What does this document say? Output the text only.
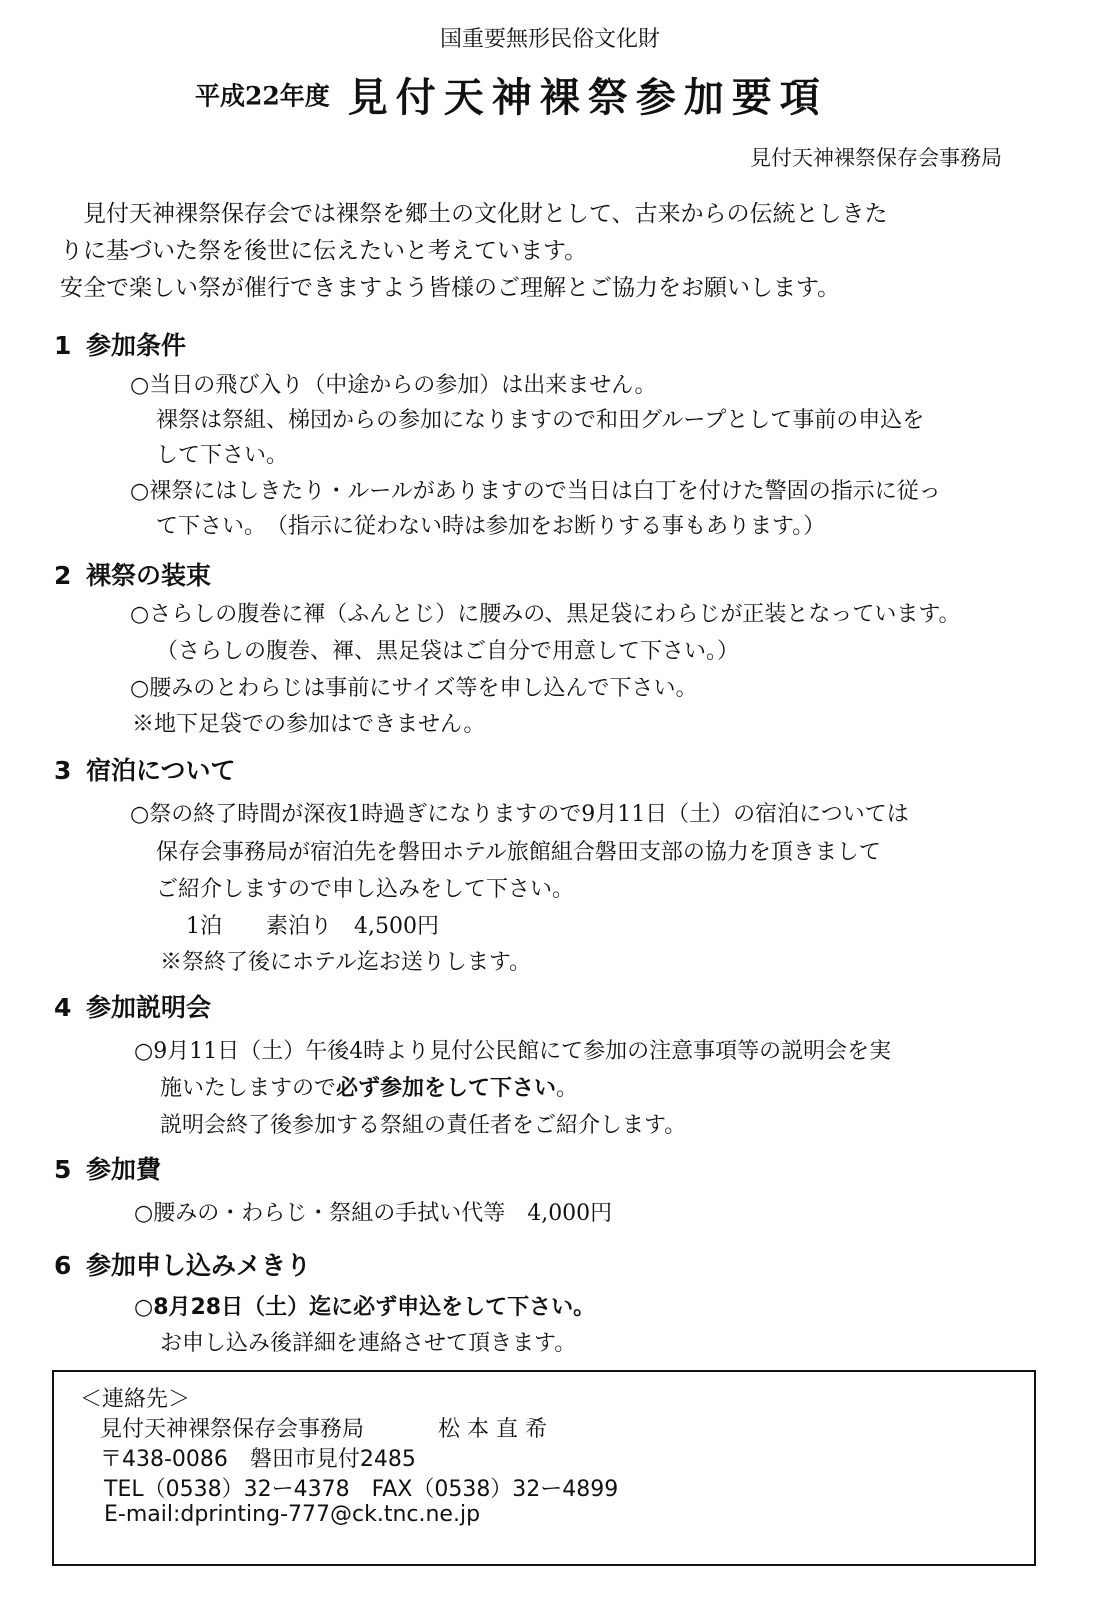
国重要無形民俗文化財
平成22年度 見付天神裸祭参加要項
見付天神裸祭保存会事務局

　見付天神裸祭保存会では裸祭を郷土の文化財として、古来からの伝統としきた

りに基づいた祭を後世に伝えたいと考えています。

安全で楽しい祭が催行できますよう皆様のご理解とご協力をお願いします。

1 参加条件
○当日の飛び入り（中途からの参加）は出来ません。
裸祭は祭組、梯団からの参加になりますので和田グループとして事前の申込を
して下さい。
○裸祭にはしきたり・ルールがありますので当日は白丁を付けた警固の指示に従っ
て下さい。　（指示に従わない時は参加をお断りする事もあります。）
2 裸祭の装束
○さらしの腹巻に褌（ふんとじ）に腰みの、黒足袋にわらじが正装となっています。
（さらしの腹巻、褌、黒足袋はご自分で用意して下さい。）
○腰みのとわらじは事前にサイズ等を申し込んで下さい。
※地下足袋での参加はできません。
3 宿泊について
○祭の終了時間が深夜1時過ぎになりますので9月11日（土）の宿泊については
保存会事務局が宿泊先を磐田ホテル旅館組合磐田支部の協力を頂きまして
ご紹介しますので申し込みをして下さい。
1泊　　素泊り　4,500円
※祭終了後にホテル迄お送りします。
4 参加説明会
○9月11日（土）午後4時より見付公民館にて参加の注意事項等の説明会を実
施いたしますので必ず参加をして下さい。
説明会終了後参加する祭組の責任者をご紹介します。
5 参加費
○腰みの・わらじ・祭組の手拭い代等　4,000円
6 参加申し込みメきり
○8月28日（土）迄に必ず申込をして下さい。
お申し込み後詳細を連絡させて頂きます。
＜連絡先＞
見付天神裸祭保存会事務局	松 本 直 希
〒438-0086　磐田市見付2485
TEL（0538）32ー4378　FAX（0538）32ー4899
E-mail:dprinting-777@ck.tnc.ne.jp
